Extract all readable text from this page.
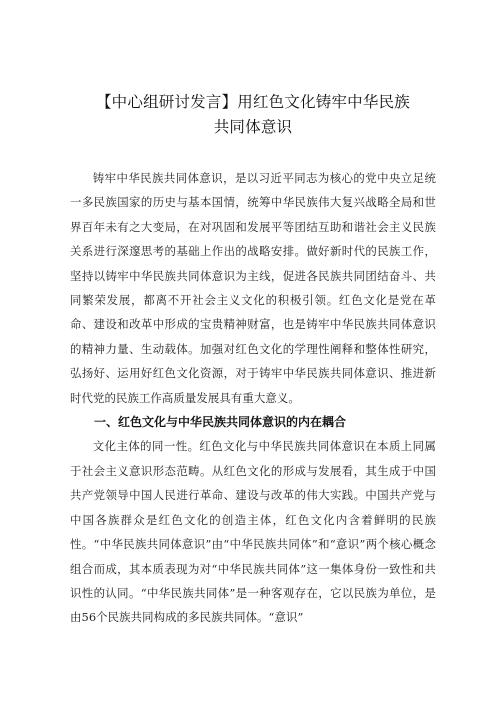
【中心组研讨发言】用红色文化铸牢中华民族
共同体意识

铸牢中华民族共同体意识，是以习近平同志为核心的党中央立足统一多民族国家的历史与基本国情，统筹中华民族伟大复兴战略全局和世界百年未有之大变局，在对巩固和发展平等团结互助和谐社会主义民族关系进行深邃思考的基础上作出的战略安排。做好新时代的民族工作，坚持以铸牢中华民族共同体意识为主线，促进各民族共同团结奋斗、共同繁荣发展，都离不开社会主义文化的积极引领。红色文化是党在革命、建设和改革中形成的宝贵精神财富，也是铸牢中华民族共同体意识的精神力量、生动载体。加强对红色文化的学理性阐释和整体性研究，弘扬好、运用好红色文化资源，对于铸牢中华民族共同体意识、推进新时代党的民族工作高质量发展具有重大意义。

一、红色文化与中华民族共同体意识的内在耦合

文化主体的同一性。红色文化与中华民族共同体意识在本质上同属于社会主义意识形态范畴。从红色文化的形成与发展看，其生成于中国共产党领导中国人民进行革命、建设与改革的伟大实践。中国共产党与中国各族群众是红色文化的创造主体，红色文化内含着鲜明的民族性。“中华民族共同体意识”由“中华民族共同体”和“意识”两个核心概念组合而成，其本质表现为对“中华民族共同体”这一集体身份一致性和共识性的认同。“中华民族共同体”是一种客观存在，它以民族为单位，是由56个民族共同构成的多民族共同体。“意识”
